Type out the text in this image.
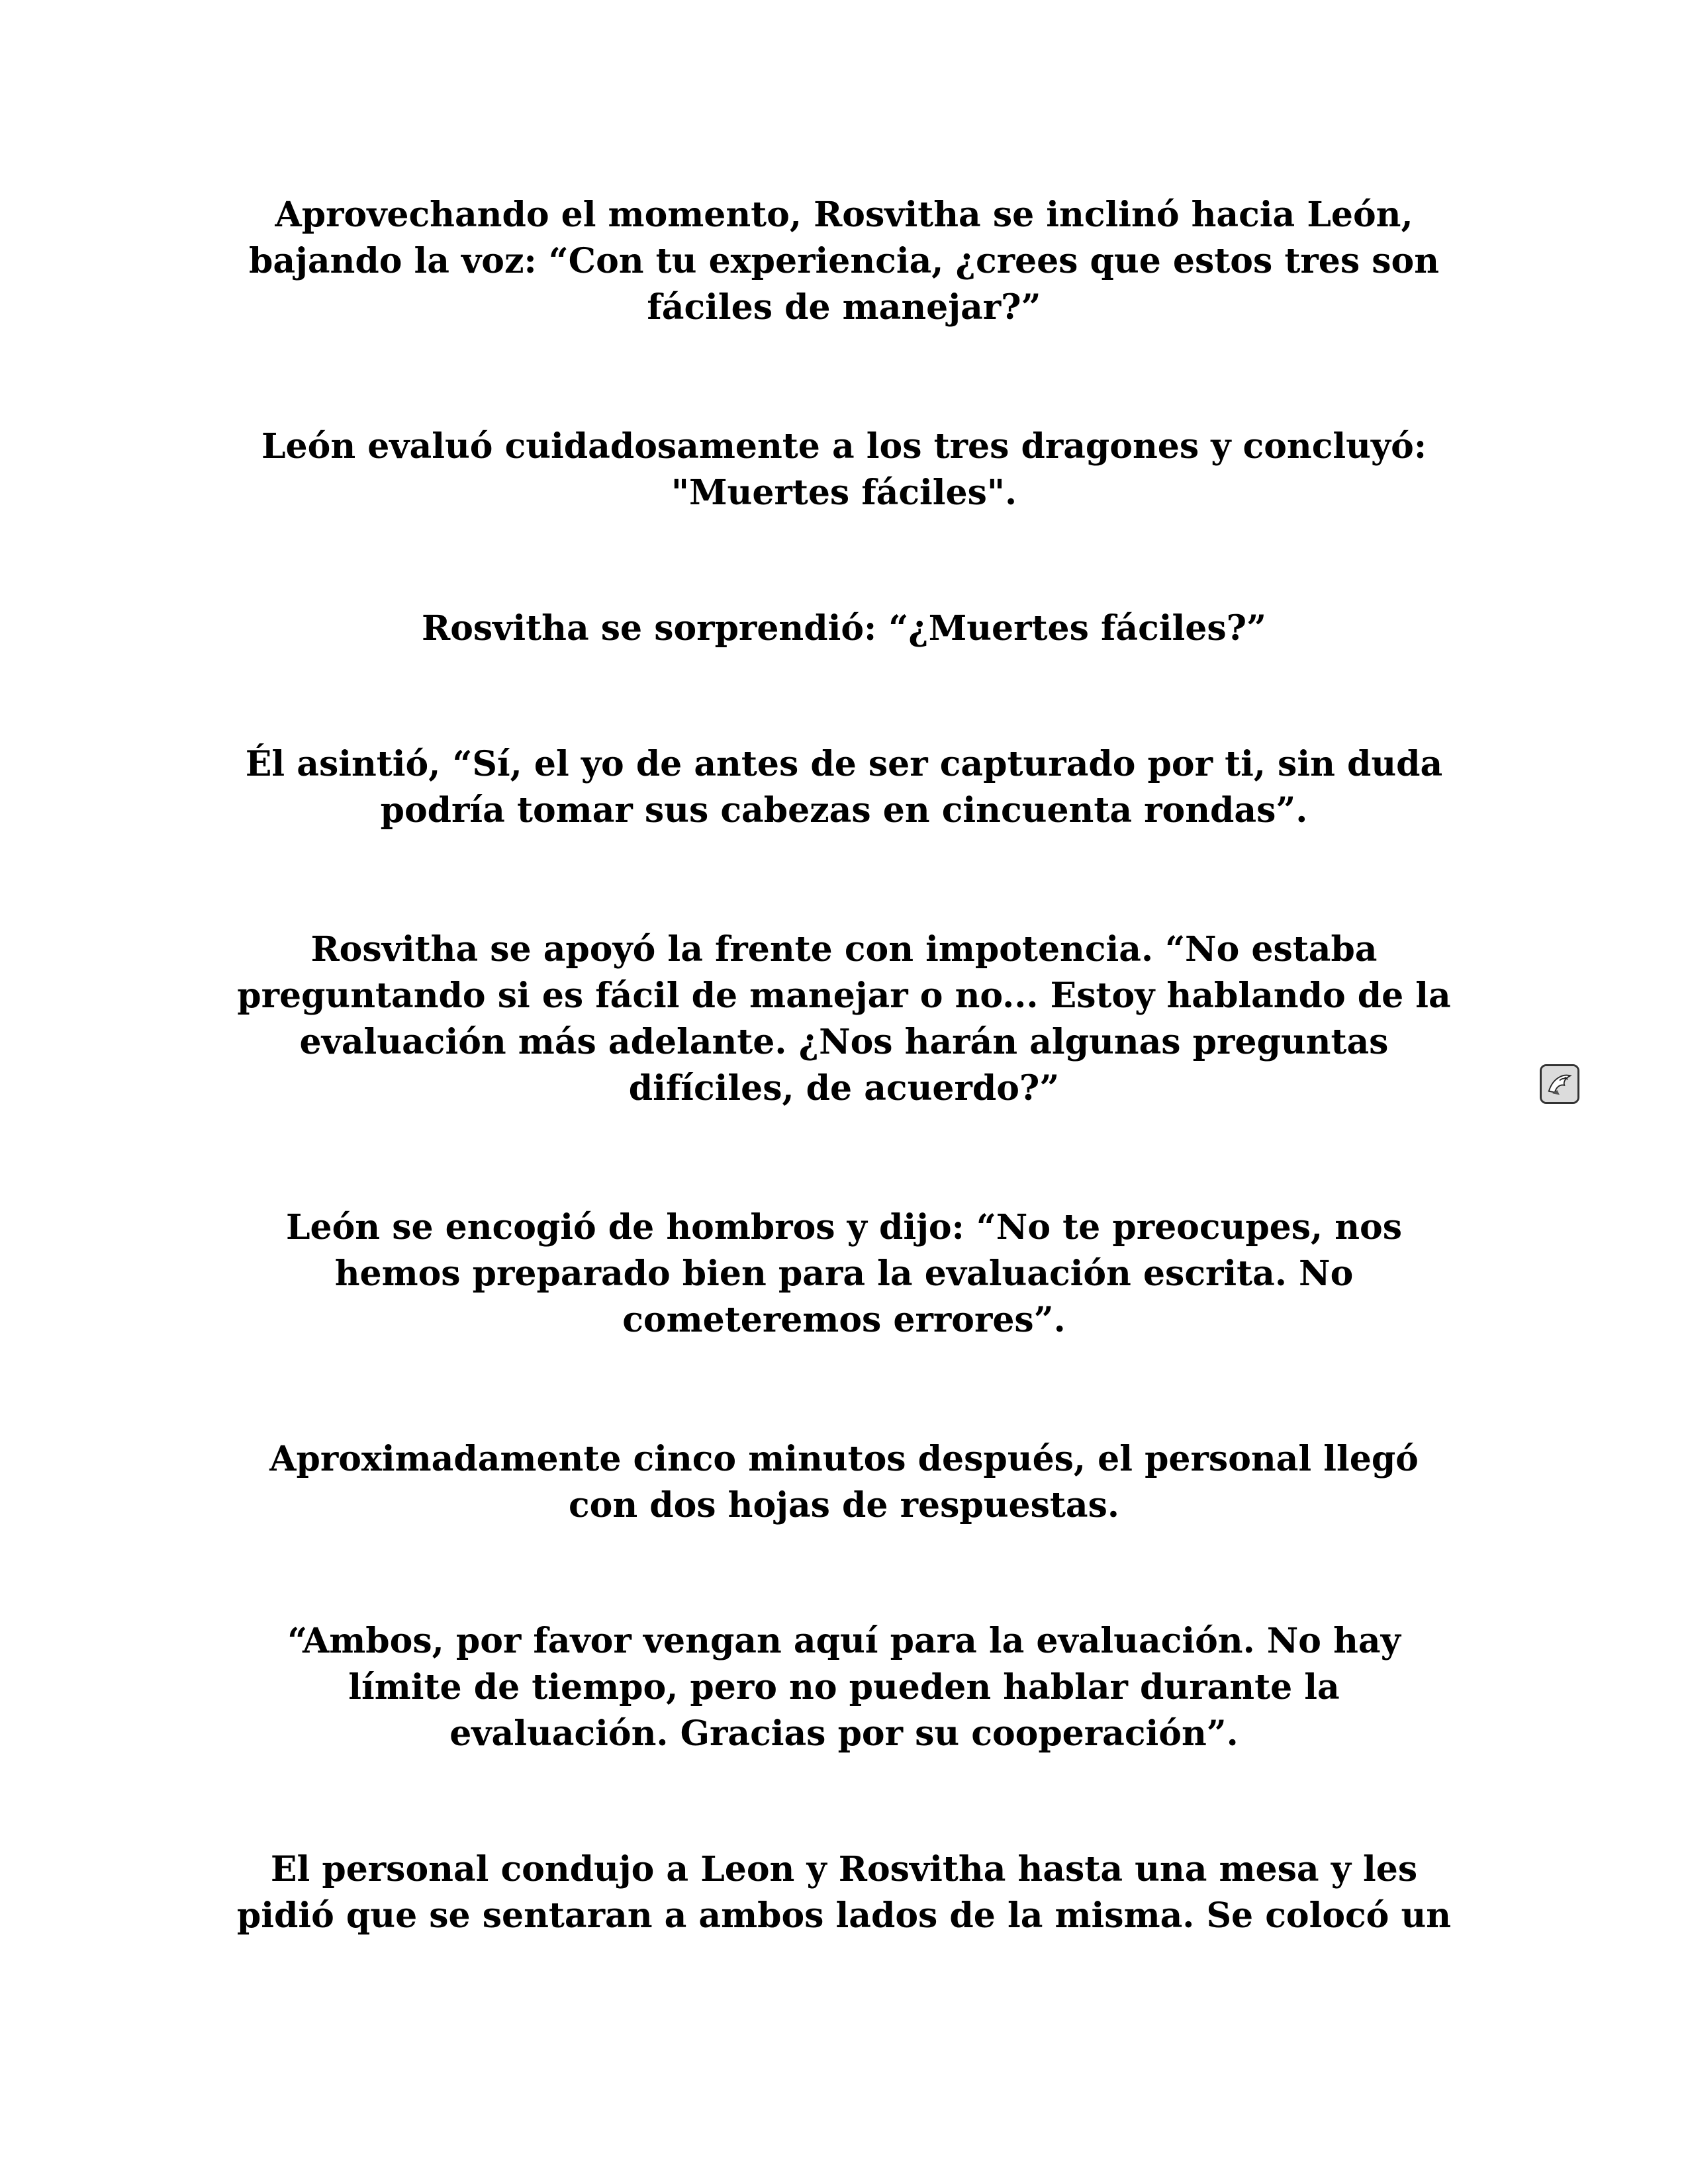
Aprovechando el momento, Rosvitha se inclinó hacia León,
bajando la voz: “Con tu experiencia, ¿crees que estos tres son
fáciles de manejar?”

León evaluó cuidadosamente a los tres dragones y concluyó:
"Muertes fáciles".

Rosvitha se sorprendió: “¿Muertes fáciles?”

Él asintió, “Sí, el yo de antes de ser capturado por ti, sin duda
podría tomar sus cabezas en cincuenta rondas”.

Rosvitha se apoyó la frente con impotencia. “No estaba
preguntando si es fácil de manejar o no... Estoy hablando de la
evaluación más adelante. ¿Nos harán algunas preguntas
difíciles, de acuerdo?”

León se encogió de hombros y dijo: “No te preocupes, nos
hemos preparado bien para la evaluación escrita. No
cometeremos errores”.

Aproximadamente cinco minutos después, el personal llegó
con dos hojas de respuestas.

“Ambos, por favor vengan aquí para la evaluación. No hay
límite de tiempo, pero no pueden hablar durante la
evaluación. Gracias por su cooperación”.

El personal condujo a Leon y Rosvitha hasta una mesa y les
pidió que se sentaran a ambos lados de la misma. Se colocó un
